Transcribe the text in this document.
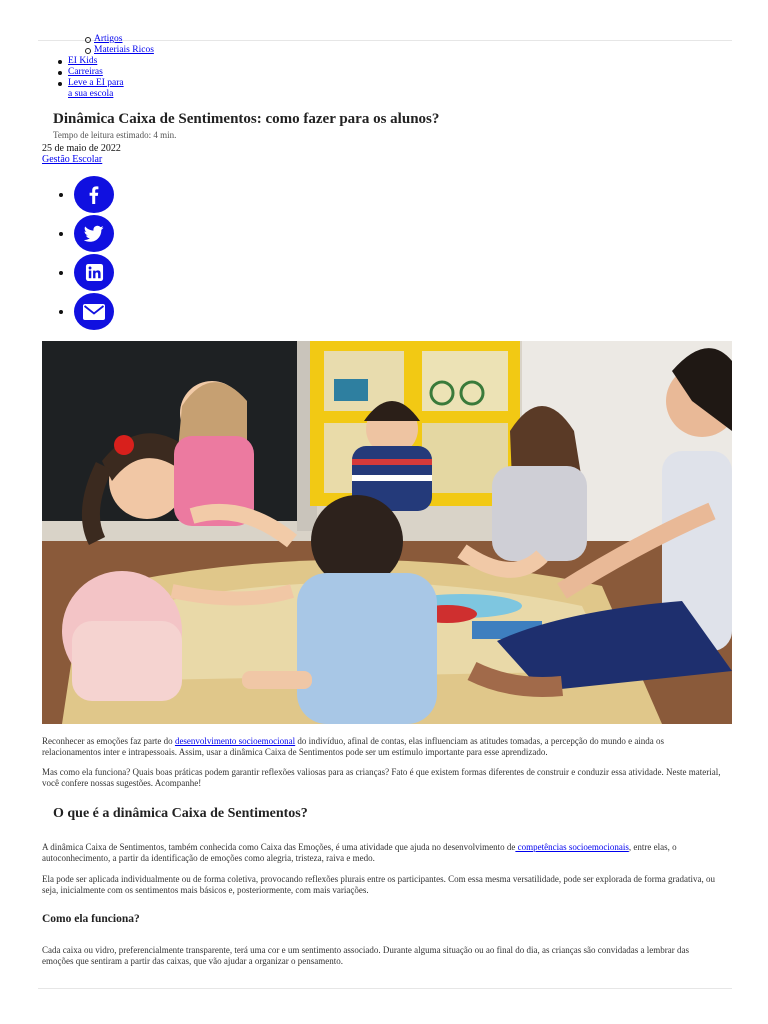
Artigos
Materiais Ricos
EI Kids
Carreiras
Leve a EI para
a sua escola
Dinâmica Caixa de Sentimentos: como fazer para os alunos?
Tempo de leitura estimado: 4 min.
25 de maio de 2022
Gestão Escolar

Reconhecer as emoções faz parte do desenvolvimento socioemocional do indivíduo, afinal de contas, elas influenciam as atitudes tomadas, a percepção do mundo e ainda os relacionamentos inter e intrapessoais. Assim, usar a dinâmica Caixa de Sentimentos pode ser um estímulo importante para esse aprendizado.

Mas como ela funciona? Quais boas práticas podem garantir reflexões valiosas para as crianças? Fato é que existem formas diferentes de construir e conduzir essa atividade. Neste material, você confere nossas sugestões. Acompanhe!

O que é a dinâmica Caixa de Sentimentos?

A dinâmica Caixa de Sentimentos, também conhecida como Caixa das Emoções, é uma atividade que ajuda no desenvolvimento de competências socioemocionais, entre elas, o autoconhecimento, a partir da identificação de emoções como alegria, tristeza, raiva e medo.

Ela pode ser aplicada individualmente ou de forma coletiva, provocando reflexões plurais entre os participantes. Com essa mesma versatilidade, pode ser explorada de forma gradativa, ou seja, inicialmente com os sentimentos mais básicos e, posteriormente, com mais variações.

Como ela funciona?

Cada caixa ou vidro, preferencialmente transparente, terá uma cor e um sentimento associado. Durante alguma situação ou ao final do dia, as crianças são convidadas a lembrar das emoções que sentiram a partir das caixas, que vão ajudar a organizar o pensamento.
